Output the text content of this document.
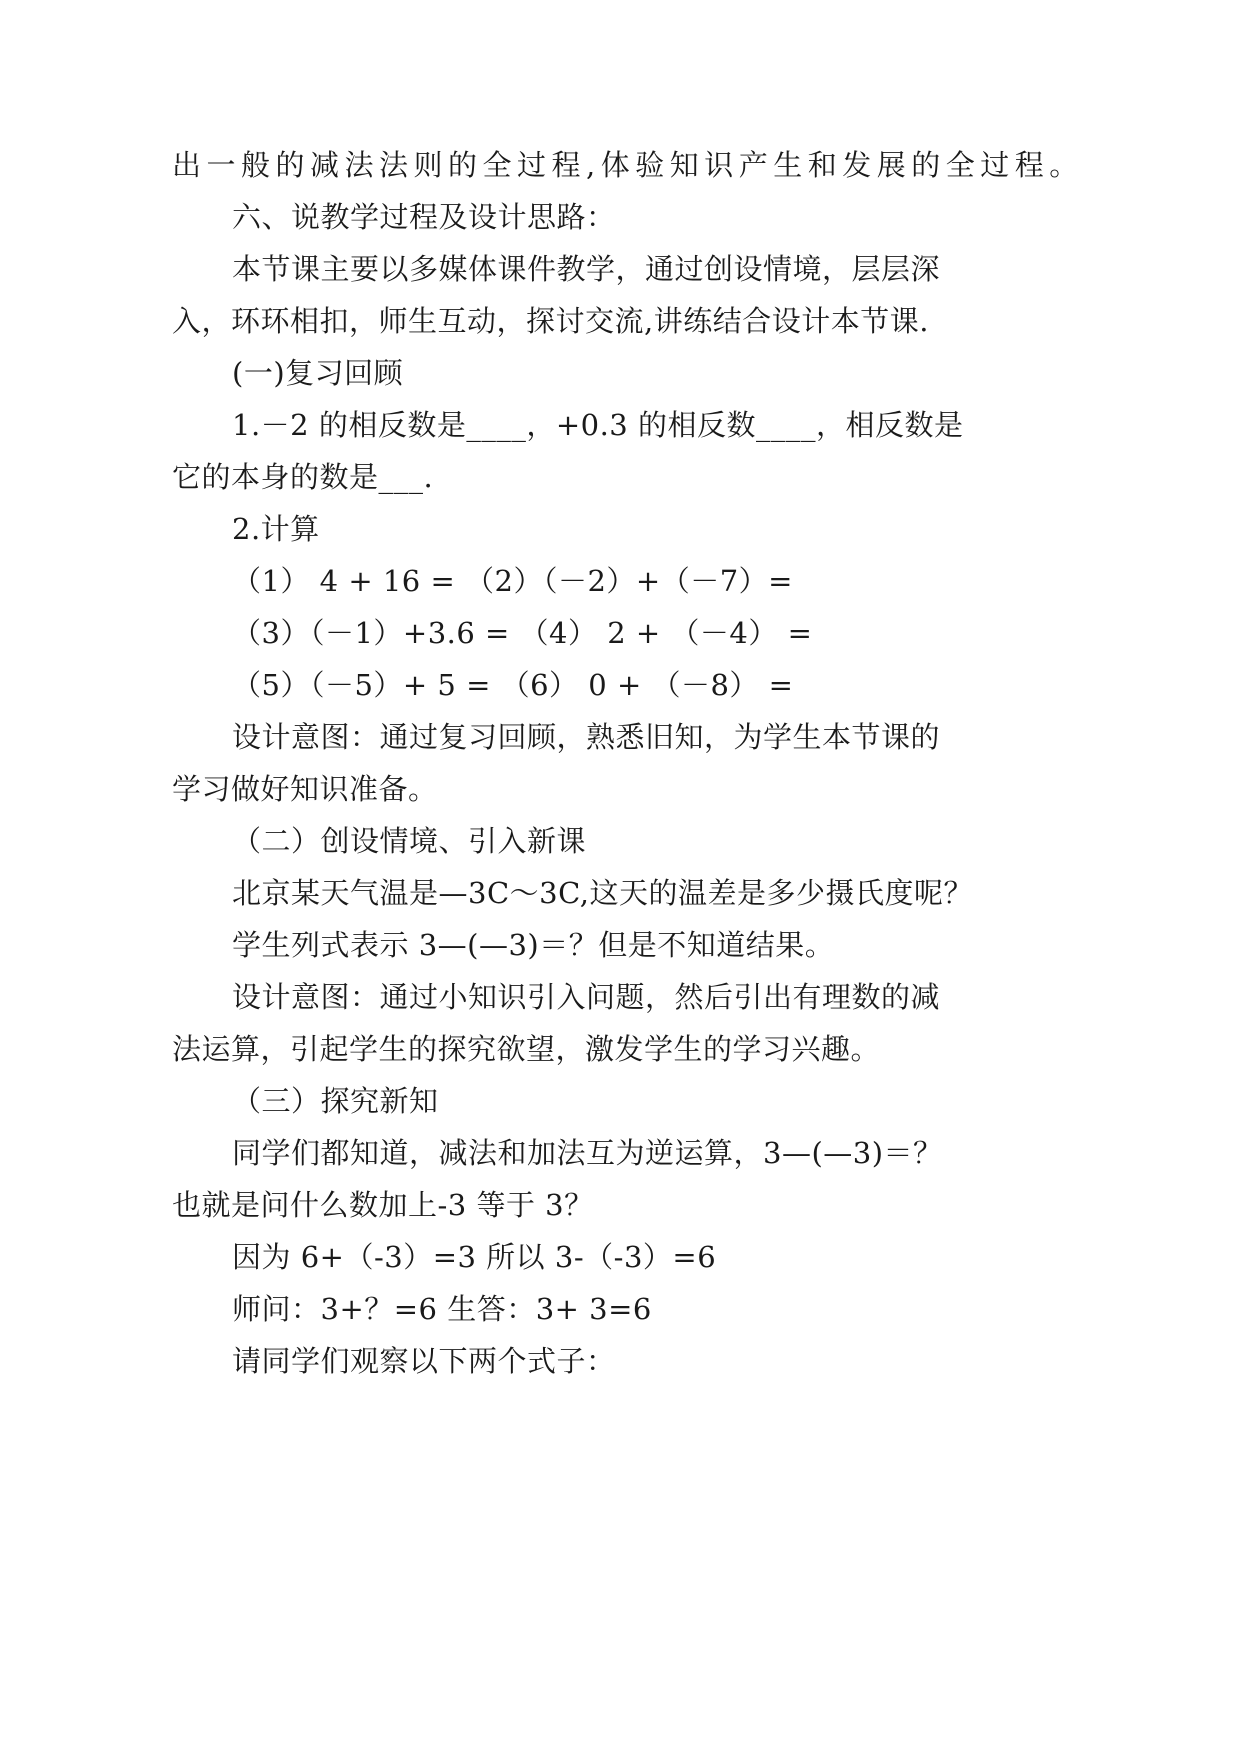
出一般的减法法则的全过程,体验知识产生和发展的全过程。
六、说教学过程及设计思路：
本节课主要以多媒体课件教学，通过创设情境，层层深
入，环环相扣，师生互动，探讨交流,讲练结合设计本节课.
(一)复习回顾
1.－2 的相反数是____，+0.3 的相反数____，相反数是
它的本身的数是___.
2.计算
（1） 4 + 16 = （2）（－2）+（－7）=
（3）（－1）+3.6 = （4） 2 + （－4） =
（5）（－5）+ 5 = （6） 0 + （－8） =
设计意图：通过复习回顾，熟悉旧知，为学生本节课的
学习做好知识准备。
（二）创设情境、引入新课
北京某天气温是—3C～3C,这天的温差是多少摄氏度呢？
学生列式表示 3—(—3)＝？但是不知道结果。
设计意图：通过小知识引入问题，然后引出有理数的减
法运算，引起学生的探究欲望，激发学生的学习兴趣。
（三）探究新知
同学们都知道，减法和加法互为逆运算，3—(—3)＝？
也就是问什么数加上-3 等于 3？
因为 6+（-3）=3 所以 3-（-3）=6
师问：3+？=6 生答：3+ 3=6
请同学们观察以下两个式子：
